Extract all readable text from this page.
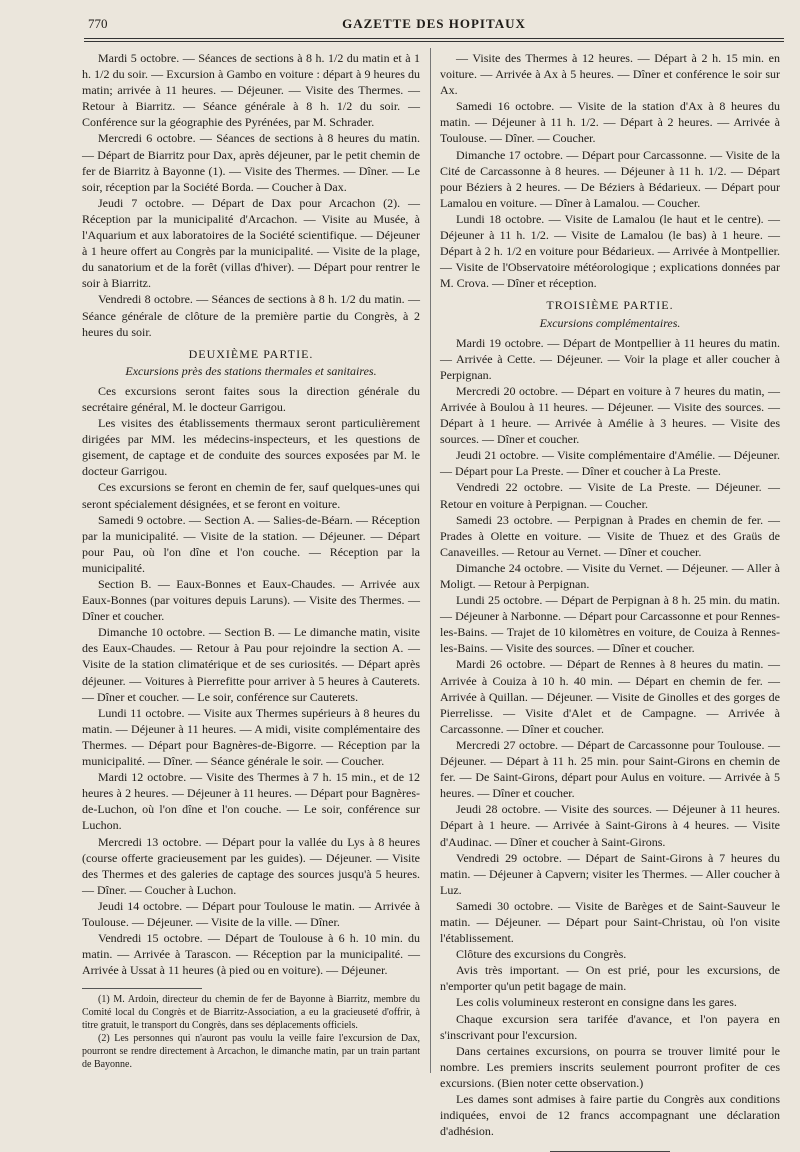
770	GAZETTE DES HOPITAUX

Mardi 5 octobre. — Séances de sections à 8 h. 1/2 du matin et à 1 h. 1/2 du soir. — Excursion à Gambo en voiture : départ à 9 heures du matin; arrivée à 11 heures. — Déjeuner. — Visite des Thermes. — Retour à Biarritz. — Séance générale à 8 h. 1/2 du soir. — Conférence sur la géographie des Pyrénées, par M. Schrader.

Mercredi 6 octobre. — Séances de sections à 8 heures du matin. — Départ de Biarritz pour Dax, après déjeuner, par le petit chemin de fer de Biarritz à Bayonne (1). — Visite des Thermes. — Dîner. — Le soir, réception par la Société Borda. — Coucher à Dax.

Jeudi 7 octobre. — Départ de Dax pour Arcachon (2). — Réception par la municipalité d'Arcachon. — Visite au Musée, à l'Aquarium et aux laboratoires de la Société scientifique. — Déjeuner à 1 heure offert au Congrès par la municipalité. — Visite de la plage, du sanatorium et de la forêt (villas d'hiver). — Départ pour rentrer le soir à Biarritz.

Vendredi 8 octobre. — Séances de sections à 8 h. 1/2 du matin. — Séance générale de clôture de la première partie du Congrès, à 2 heures du soir.

DEUXIÈME PARTIE.
Excursions près des stations thermales et sanitaires.

Ces excursions seront faites sous la direction générale du secrétaire général, M. le docteur Garrigou.

Les visites des établissements thermaux seront particulièrement dirigées par MM. les médecins-inspecteurs, et les questions de gisement, de captage et de conduite des sources exposées par M. le docteur Garrigou.

Ces excursions se feront en chemin de fer, sauf quelques-unes qui seront spécialement désignées, et se feront en voiture.

Samedi 9 octobre. — Section A. — Salies-de-Béarn. — Réception par la municipalité. — Visite de la station. — Déjeuner. — Départ pour Pau, où l'on dîne et l'on couche. — Réception par la municipalité.

Section B. — Eaux-Bonnes et Eaux-Chaudes. — Arrivée aux Eaux-Bonnes (par voitures depuis Laruns). — Visite des Thermes. — Dîner et coucher.

Dimanche 10 octobre. — Section B. — Le dimanche matin, visite des Eaux-Chaudes. — Retour à Pau pour rejoindre la section A. — Visite de la station climatérique et de ses curiosités. — Départ après déjeuner. — Voitures à Pierrefitte pour arriver à 5 heures à Cauterets. — Dîner et coucher. — Le soir, conférence sur Cauterets.

Lundi 11 octobre. — Visite aux Thermes supérieurs à 8 heures du matin. — Déjeuner à 11 heures. — A midi, visite complémentaire des Thermes. — Départ pour Bagnères-de-Bigorre. — Réception par la municipalité. — Dîner. — Séance générale le soir. — Coucher.

Mardi 12 octobre. — Visite des Thermes à 7 h. 15 min., et de 12 heures à 2 heures. — Déjeuner à 11 heures. — Départ pour Bagnères-de-Luchon, où l'on dîne et l'on couche. — Le soir, conférence sur Luchon.

Mercredi 13 octobre. — Départ pour la vallée du Lys à 8 heures (course offerte gracieusement par les guides). — Déjeuner. — Visite des Thermes et des galeries de captage des sources jusqu'à 5 heures. — Dîner. — Coucher à Luchon.

Jeudi 14 octobre. — Départ pour Toulouse le matin. — Arrivée à Toulouse. — Déjeuner. — Visite de la ville. — Dîner.

Vendredi 15 octobre. — Départ de Toulouse à 6 h. 10 min. du matin. — Arrivée à Tarascon. — Réception par la municipalité. — Arrivée à Ussat à 11 heures (à pied ou en voiture). — Déjeuner.

(1) M. Ardoin, directeur du chemin de fer de Bayonne à Biarritz, membre du Comité local du Congrès et de Biarritz-Association, a eu la gracieuseté d'offrir, à titre gratuit, le transport du Congrès, dans ses déplacements officiels.

(2) Les personnes qui n'auront pas voulu la veille faire l'excursion de Dax, pourront se rendre directement à Arcachon, le dimanche matin, par un train partant de Bayonne.

— Visite des Thermes à 12 heures. — Départ à 2 h. 15 min. en voiture. — Arrivée à Ax à 5 heures. — Dîner et conférence le soir sur Ax.

Samedi 16 octobre. — Visite de la station d'Ax à 8 heures du matin. — Déjeuner à 11 h. 1/2. — Départ à 2 heures. — Arrivée à Toulouse. — Dîner. — Coucher.

Dimanche 17 octobre. — Départ pour Carcassonne. — Visite de la Cité de Carcassonne à 8 heures. — Déjeuner à 11 h. 1/2. — Départ pour Béziers à 2 heures. — De Béziers à Bédarieux. — Départ pour Lamalou en voiture. — Dîner à Lamalou. — Coucher.

Lundi 18 octobre. — Visite de Lamalou (le haut et le centre). — Déjeuner à 11 h. 1/2. — Visite de Lamalou (le bas) à 1 heure. — Départ à 2 h. 1/2 en voiture pour Bédarieux. — Arrivée à Montpellier. — Visite de l'Observatoire météorologique ; explications données par M. Crova. — Dîner et réception.

TROISIÈME PARTIE.
Excursions complémentaires.

Mardi 19 octobre. — Départ de Montpellier à 11 heures du matin. — Arrivée à Cette. — Déjeuner. — Voir la plage et aller coucher à Perpignan.

Mercredi 20 octobre. — Départ en voiture à 7 heures du matin, — Arrivée à Boulou à 11 heures. — Déjeuner. — Visite des sources. — Départ à 1 heure. — Arrivée à Amélie à 3 heures. — Visite des sources. — Dîner et coucher.

Jeudi 21 octobre. — Visite complémentaire d'Amélie. — Déjeuner. — Départ pour La Preste. — Dîner et coucher à La Preste.

Vendredi 22 octobre. — Visite de La Preste. — Déjeuner. — Retour en voiture à Perpignan. — Coucher.

Samedi 23 octobre. — Perpignan à Prades en chemin de fer. — Prades à Olette en voiture. — Visite de Thuez et des Graüs de Canaveilles. — Retour au Vernet. — Dîner et coucher.

Dimanche 24 octobre. — Visite du Vernet. — Déjeuner. — Aller à Moligt. — Retour à Perpignan.

Lundi 25 octobre. — Départ de Perpignan à 8 h. 25 min. du matin. — Déjeuner à Narbonne. — Départ pour Carcassonne et pour Rennes-les-Bains. — Trajet de 10 kilomètres en voiture, de Couiza à Rennes-les-Bains. — Visite des sources. — Dîner et coucher.

Mardi 26 octobre. — Départ de Rennes à 8 heures du matin. — Arrivée à Couiza à 10 h. 40 min. — Départ en chemin de fer. — Arrivée à Quillan. — Déjeuner. — Visite de Ginolles et des gorges de Pierrelisse. — Visite d'Alet et de Campagne. — Arrivée à Carcassonne. — Dîner et coucher.

Mercredi 27 octobre. — Départ de Carcassonne pour Toulouse. — Déjeuner. — Départ à 11 h. 25 min. pour Saint-Girons en chemin de fer. — De Saint-Girons, départ pour Aulus en voiture. — Arrivée à 5 heures. — Dîner et coucher.

Jeudi 28 octobre. — Visite des sources. — Déjeuner à 11 heures. Départ à 1 heure. — Arrivée à Saint-Girons à 4 heures. — Visite d'Audinac. — Dîner et coucher à Saint-Girons.

Vendredi 29 octobre. — Départ de Saint-Girons à 7 heures du matin. — Déjeuner à Capvern; visiter les Thermes. — Aller coucher à Luz.

Samedi 30 octobre. — Visite de Barèges et de Saint-Sauveur le matin. — Déjeuner. — Départ pour Saint-Christau, où l'on visite l'établissement.

Clôture des excursions du Congrès.

Avis très important. — On est prié, pour les excursions, de n'emporter qu'un petit bagage de main.

Les colis volumineux resteront en consigne dans les gares.

Chaque excursion sera tarifée d'avance, et l'on payera en s'inscrivant pour l'excursion.

Dans certaines excursions, on pourra se trouver limité pour le nombre. Les premiers inscrits seulement pourront profiter de ces excursions. (Bien noter cette observation.)

Les dames sont admises à faire partie du Congrès aux conditions indiquées, envoi de 12 francs accompagnant une déclaration d'adhésion.
